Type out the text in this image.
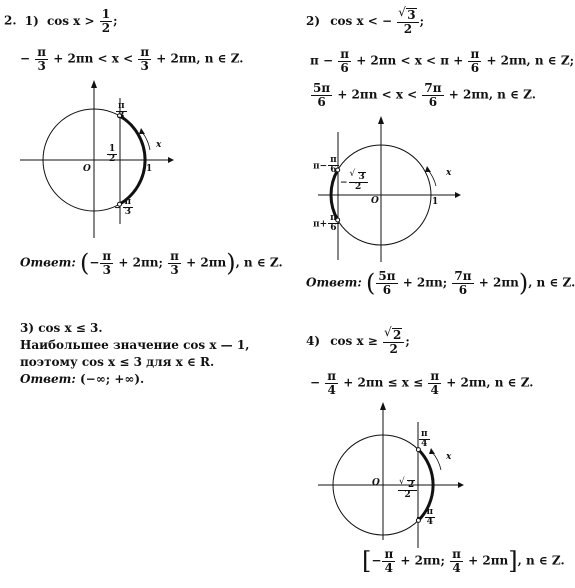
2. 1) $\cos x > \frac{1}{2}$ ;
− $\frac{\pi}{3} + 2\pi n < x < \frac{\pi}{3} + 2\pi n$, n ∈ Z.
$\frac{\pi}{3}$
$\frac{1}{2}$
− $\frac{\pi}{3}$
O	1
x
Ответ: (− $\frac{\pi}{3} + 2\pi n$; $\frac{\pi}{3} + 2\pi n$), n ∈ Z.
2) cos x < − √ $\frac{3}{2}$ ;
$\pi - \frac{\pi}{6} + 2\pi n < x < \pi + \frac{\pi}{6} + 2\pi n$, n ∈ Z;
$\frac{5\pi}{6} + 2\pi n < x < \frac{7\pi}{6} + 2\pi n$, n ∈ Z.
$\pi- \frac{\pi}{6}$
− √ $\frac{3}{2}$
$\pi+ \frac{\pi}{6}$
O	1
x
Ответ: ( $\frac{5\pi}{6} + 2\pi n$; $\frac{7\pi}{6} + 2\pi n$), n ∈ Z.
3) cos x ≤ 3.
Наибольшее значение cos x — 1,
поэтому cos x ≤ 3 для x ∈ R.
Ответ: (−∞; +∞).
4) cos x ≥ √ $\frac{2}{2}$ ;
− $\frac{\pi}{4} + 2\pi n \le x \le \frac{\pi}{4} + 2\pi n$, n ∈ Z.
$\frac{\pi}{4}$
√ $\frac{2}{2}$
− $\frac{\pi}{4}$
O	1
x
[− $\frac{\pi}{4} + 2\pi n$; $\frac{\pi}{4} + 2\pi n$], n ∈ Z.
